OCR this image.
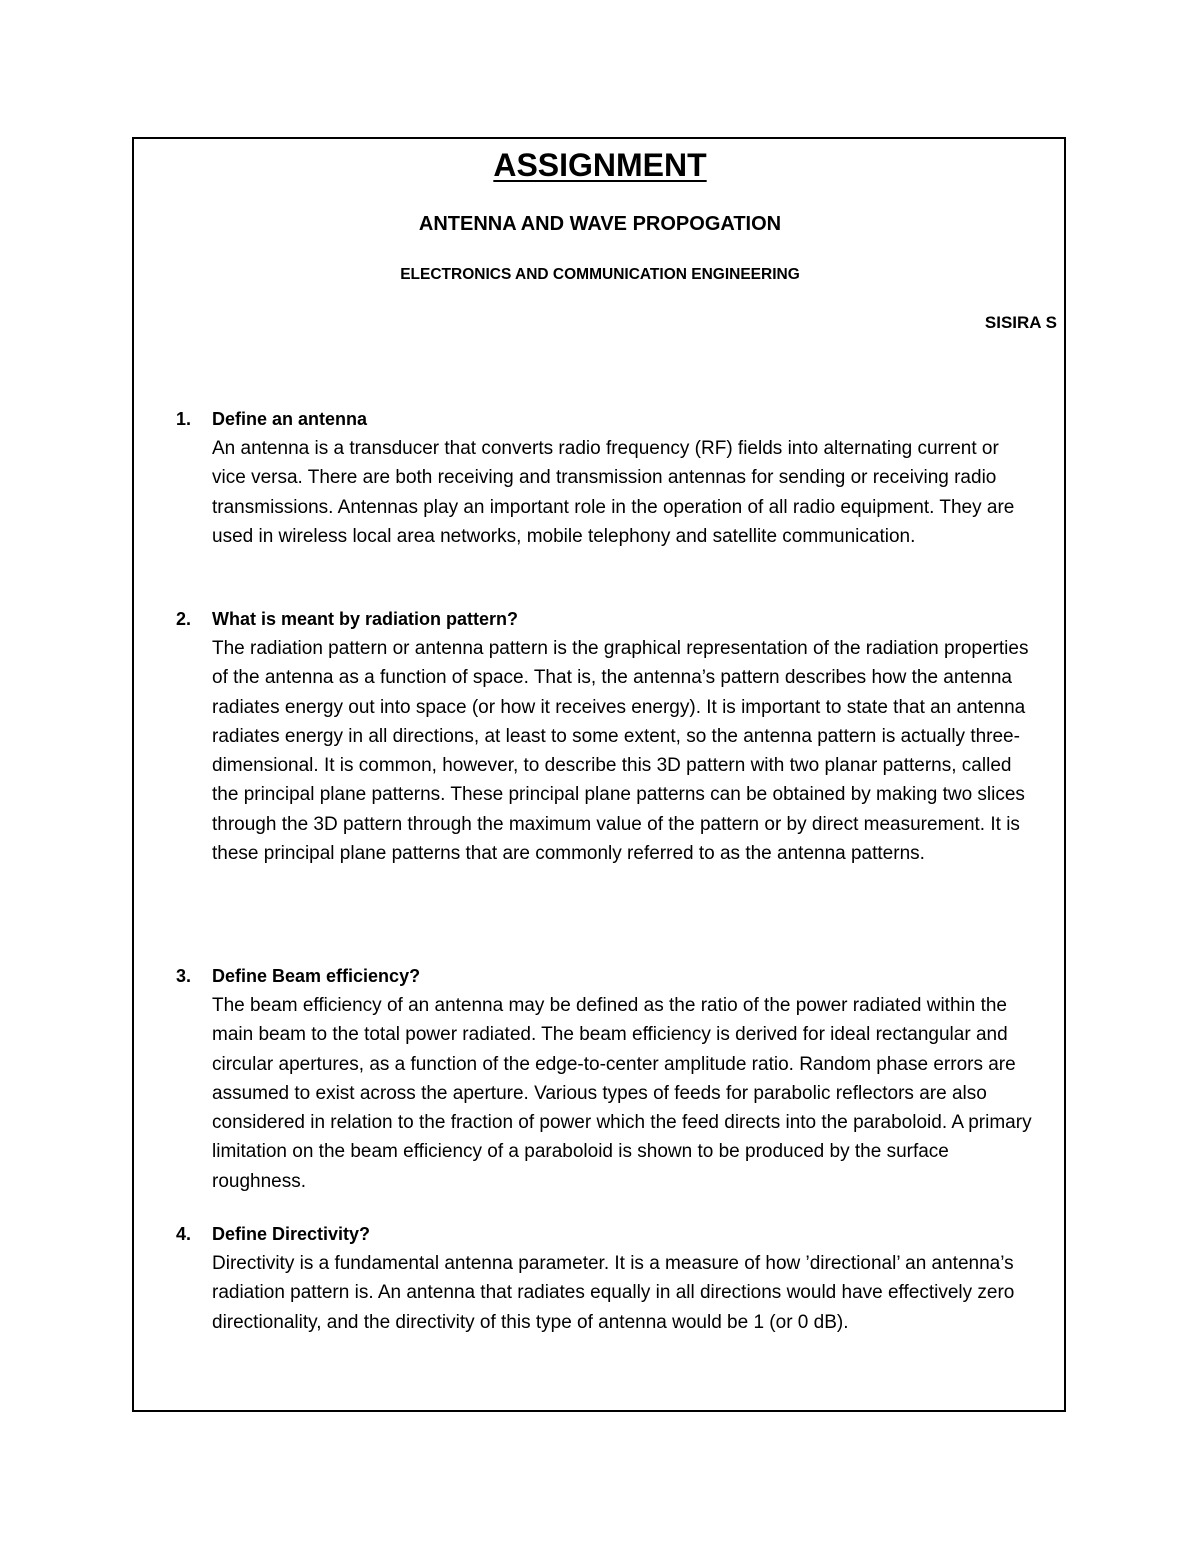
ASSIGNMENT
ANTENNA AND WAVE PROPOGATION
ELECTRONICS AND COMMUNICATION ENGINEERING
SISIRA S
1. Define an antenna
An antenna is a transducer that converts radio frequency (RF) fields into alternating current or vice versa. There are both receiving and transmission antennas for sending or receiving radio transmissions. Antennas play an important role in the operation of all radio equipment. They are used in wireless local area networks, mobile telephony and satellite communication.
2. What is meant by radiation pattern?
The radiation pattern or antenna pattern is the graphical representation of the radiation properties of the antenna as a function of space. That is, the antenna’s pattern describes how the antenna radiates energy out into space (or how it receives energy). It is important to state that an antenna radiates energy in all directions, at least to some extent, so the antenna pattern is actually three-dimensional. It is common, however, to describe this 3D pattern with two planar patterns, called the principal plane patterns. These principal plane patterns can be obtained by making two slices through the 3D pattern through the maximum value of the pattern or by direct measurement. It is these principal plane patterns that are commonly referred to as the antenna patterns.
3. Define Beam efficiency?
The beam efficiency of an antenna may be defined as the ratio of the power radiated within the main beam to the total power radiated. The beam efficiency is derived for ideal rectangular and circular apertures, as a function of the edge-to-center amplitude ratio. Random phase errors are assumed to exist across the aperture. Various types of feeds for parabolic reflectors are also considered in relation to the fraction of power which the feed directs into the paraboloid. A primary limitation on the beam efficiency of a paraboloid is shown to be produced by the surface roughness.
4. Define Directivity?
Directivity is a fundamental antenna parameter. It is a measure of how ’directional’ an antenna’s radiation pattern is. An antenna that radiates equally in all directions would have effectively zero directionality, and the directivity of this type of antenna would be 1 (or 0 dB).
